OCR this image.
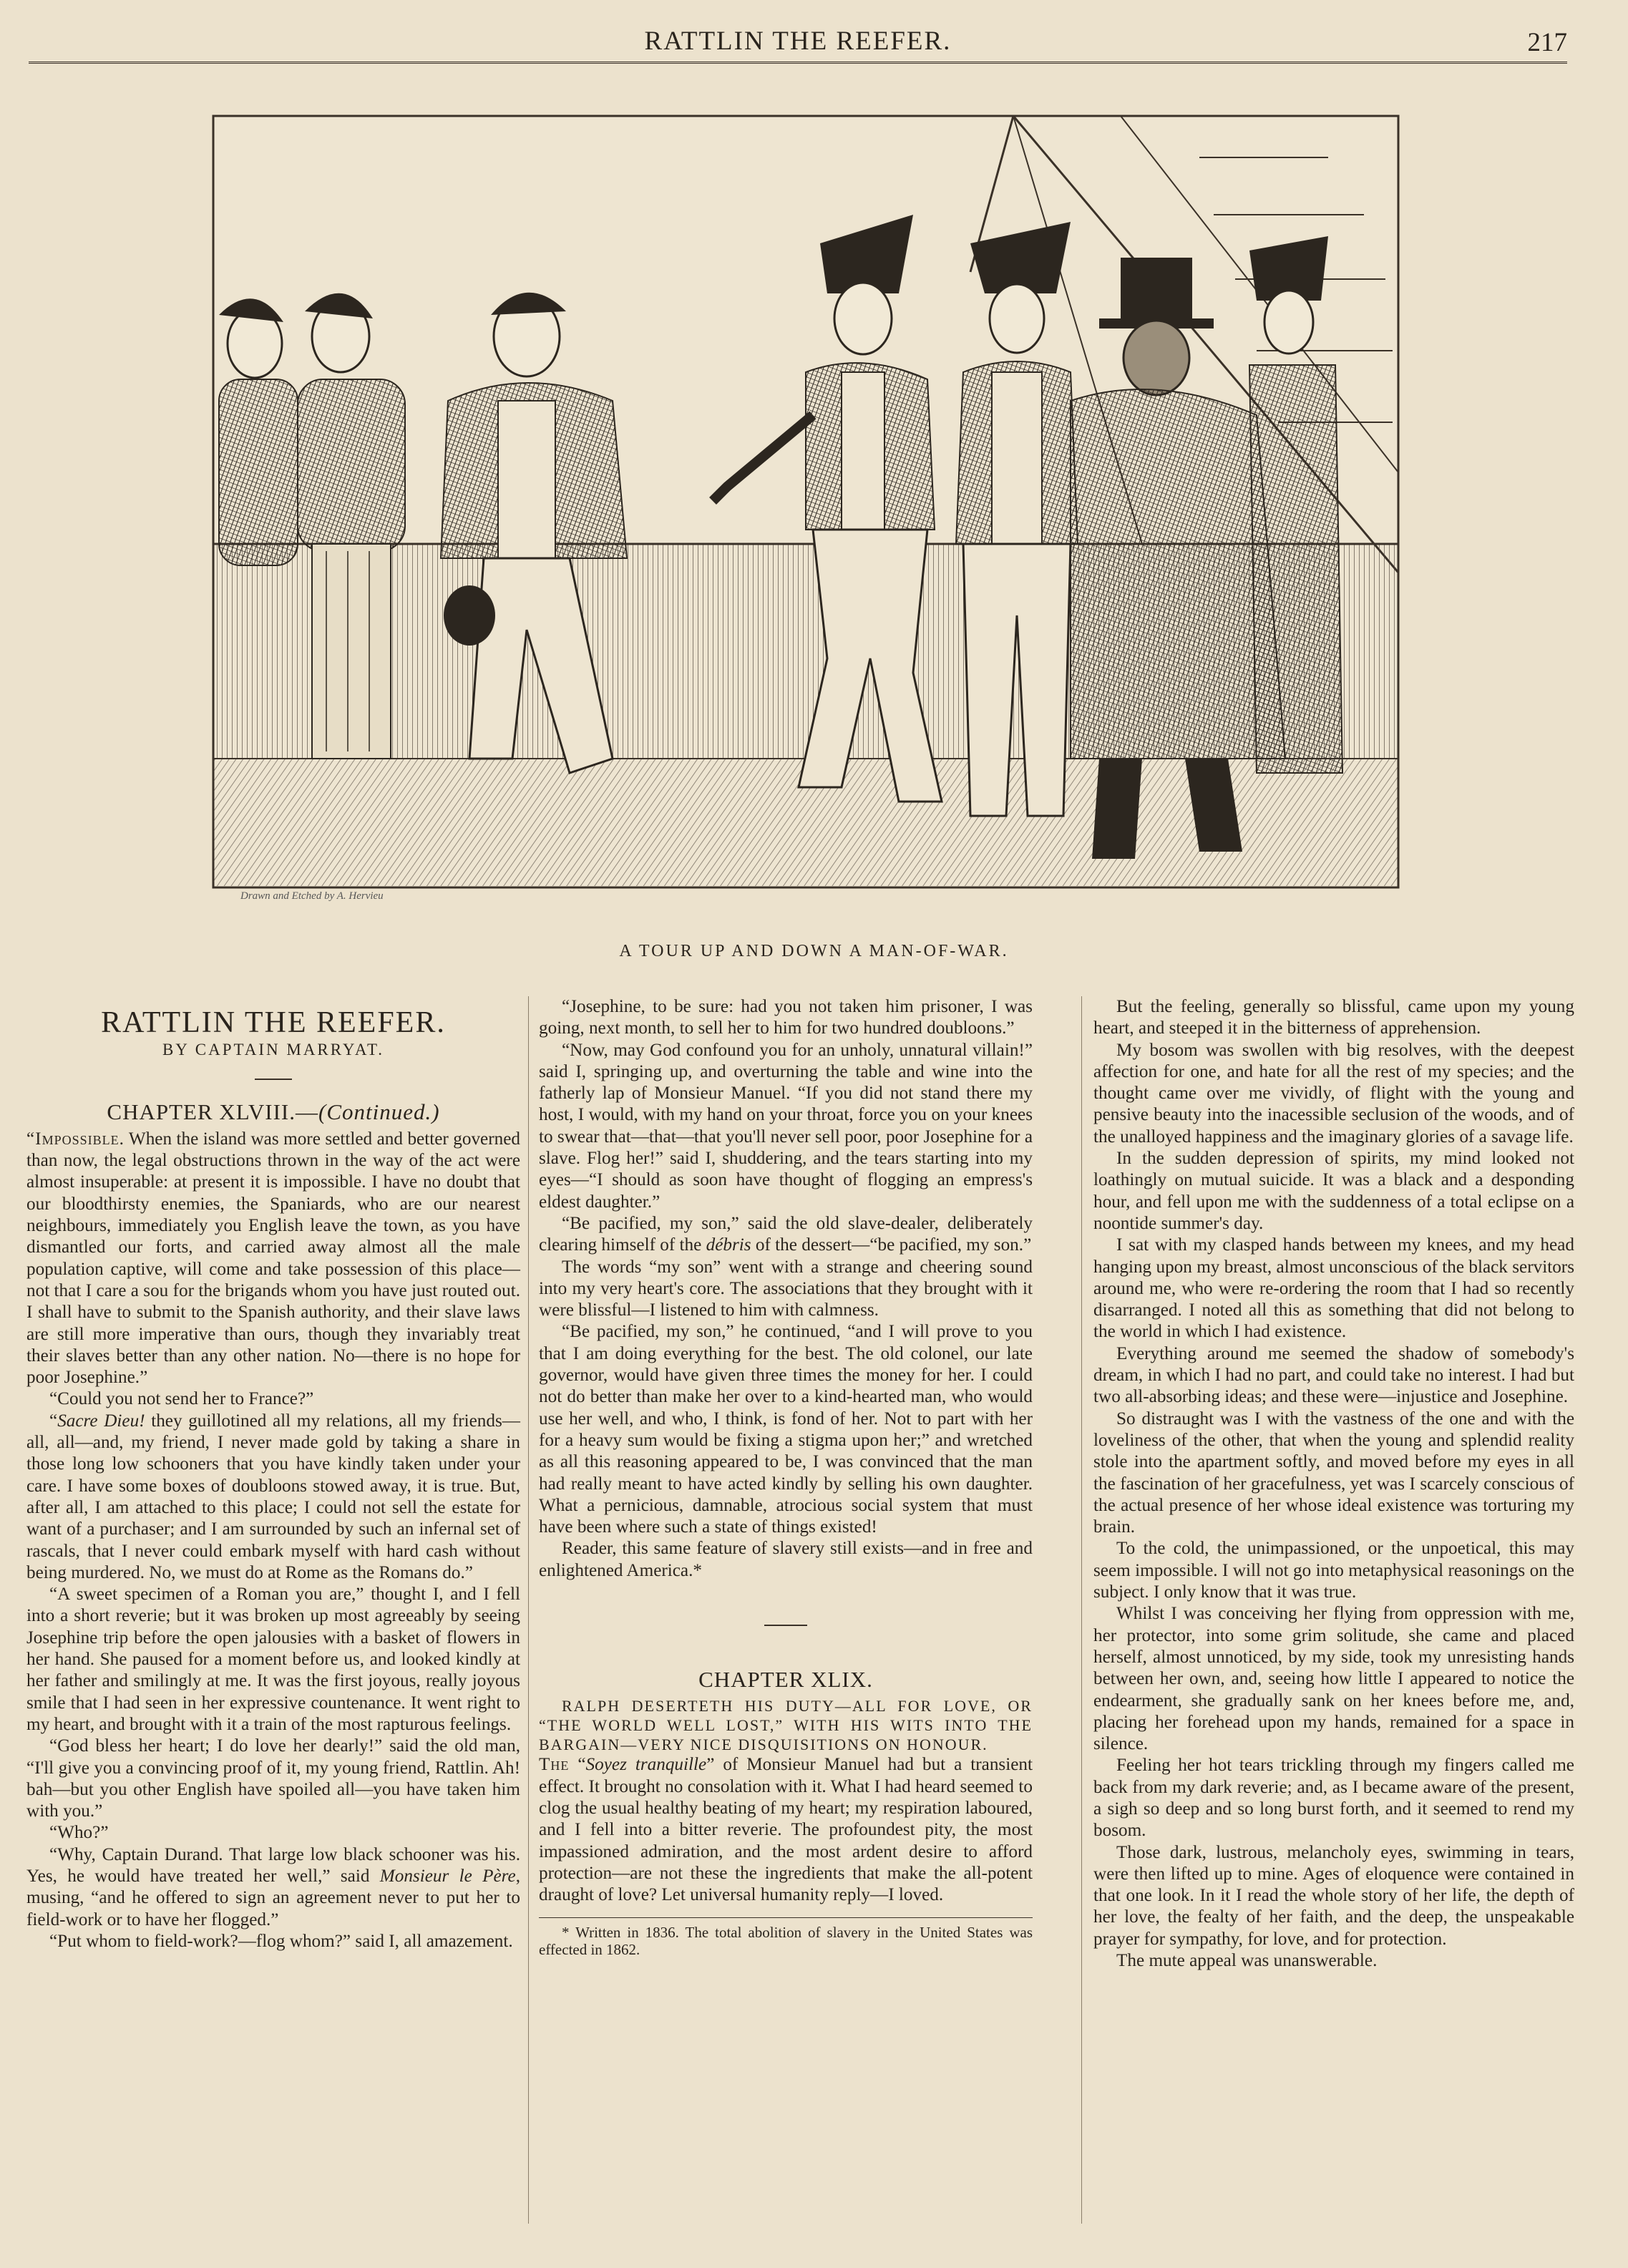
RATTLIN THE REEFER.	217
Drawn and Etched by A. Hervieu
A TOUR UP AND DOWN A MAN-OF-WAR.
RATTLIN THE REEFER.
BY CAPTAIN MARRYAT.
CHAPTER XLVIII.—(Continued.)

“Impossible. When the island was more settled and better governed than now, the legal obstructions thrown in the way of the act were almost insuperable: at present it is impossible. I have no doubt that our bloodthirsty enemies, the Spaniards, who are our nearest neighbours, immediately you English leave the town, as you have dismantled our forts, and carried away almost all the male population captive, will come and take possession of this place—not that I care a sou for the brigands whom you have just routed out. I shall have to submit to the Spanish authority, and their slave laws are still more imperative than ours, though they invariably treat their slaves better than any other nation. No—there is no hope for poor Josephine.”

“Could you not send her to France?”

“Sacre Dieu! they guillotined all my relations, all my friends—all, all—and, my friend, I never made gold by taking a share in those long low schooners that you have kindly taken under your care. I have some boxes of doubloons stowed away, it is true. But, after all, I am attached to this place; I could not sell the estate for want of a purchaser; and I am surrounded by such an infernal set of rascals, that I never could embark myself with hard cash without being murdered. No, we must do at Rome as the Romans do.”

“A sweet specimen of a Roman you are,” thought I, and I fell into a short reverie; but it was broken up most agreeably by seeing Josephine trip before the open jalousies with a basket of flowers in her hand. She paused for a moment before us, and looked kindly at her father and smilingly at me. It was the first joyous, really joyous smile that I had seen in her expressive countenance. It went right to my heart, and brought with it a train of the most rapturous feelings.

“God bless her heart; I do love her dearly!” said the old man, “I'll give you a convincing proof of it, my young friend, Rattlin. Ah! bah—but you other English have spoiled all—you have taken him with you.”

“Who?”

“Why, Captain Durand. That large low black schooner was his. Yes, he would have treated her well,” said Monsieur le Père, musing, “and he offered to sign an agreement never to put her to field-work or to have her flogged.”

“Put whom to field-work?—flog whom?” said I, all amazement.

“Josephine, to be sure: had you not taken him prisoner, I was going, next month, to sell her to him for two hundred doubloons.”

“Now, may God confound you for an unholy, unnatural villain!” said I, springing up, and overturning the table and wine into the fatherly lap of Monsieur Manuel. “If you did not stand there my host, I would, with my hand on your throat, force you on your knees to swear that—that—that you'll never sell poor, poor Josephine for a slave. Flog her!” said I, shuddering, and the tears starting into my eyes—“I should as soon have thought of flogging an empress's eldest daughter.”

“Be pacified, my son,” said the old slave-dealer, deliberately clearing himself of the débris of the dessert—“be pacified, my son.”

The words “my son” went with a strange and cheering sound into my very heart's core. The associations that they brought with it were blissful—I listened to him with calmness.

“Be pacified, my son,” he continued, “and I will prove to you that I am doing everything for the best. The old colonel, our late governor, would have given three times the money for her. I could not do better than make her over to a kind-hearted man, who would use her well, and who, I think, is fond of her. Not to part with her for a heavy sum would be fixing a stigma upon her;” and wretched as all this reasoning appeared to be, I was convinced that the man had really meant to have acted kindly by selling his own daughter. What a pernicious, damnable, atrocious social system that must have been where such a state of things existed!

Reader, this same feature of slavery still exists—and in free and enlightened America.*

CHAPTER XLIX.

RALPH DESERTETH HIS DUTY—ALL FOR LOVE, OR “THE WORLD WELL LOST,” WITH HIS WITS INTO THE BARGAIN—VERY NICE DISQUISITIONS ON HONOUR.

The “Soyez tranquille” of Monsieur Manuel had but a transient effect. It brought no consolation with it. What I had heard seemed to clog the usual healthy beating of my heart; my respiration laboured, and I fell into a bitter reverie. The profoundest pity, the most impassioned admiration, and the most ardent desire to afford protection—are not these the ingredients that make the all-potent draught of love? Let universal humanity reply—I loved.

* Written in 1836. The total abolition of slavery in the United States was effected in 1862.

But the feeling, generally so blissful, came upon my young heart, and steeped it in the bitterness of apprehension.

My bosom was swollen with big resolves, with the deepest affection for one, and hate for all the rest of my species; and the thought came over me vividly, of flight with the young and pensive beauty into the inacessible seclusion of the woods, and of the unalloyed happiness and the imaginary glories of a savage life.

In the sudden depression of spirits, my mind looked not loathingly on mutual suicide. It was a black and a desponding hour, and fell upon me with the suddenness of a total eclipse on a noontide summer's day.

I sat with my clasped hands between my knees, and my head hanging upon my breast, almost unconscious of the black servitors around me, who were re-ordering the room that I had so recently disarranged. I noted all this as something that did not belong to the world in which I had existence.

Everything around me seemed the shadow of somebody's dream, in which I had no part, and could take no interest. I had but two all-absorbing ideas; and these were—injustice and Josephine.

So distraught was I with the vastness of the one and with the loveliness of the other, that when the young and splendid reality stole into the apartment softly, and moved before my eyes in all the fascination of her gracefulness, yet was I scarcely conscious of the actual presence of her whose ideal existence was torturing my brain.

To the cold, the unimpassioned, or the unpoetical, this may seem impossible. I will not go into metaphysical reasonings on the subject. I only know that it was true.

Whilst I was conceiving her flying from oppression with me, her protector, into some grim solitude, she came and placed herself, almost unnoticed, by my side, took my unresisting hands between her own, and, seeing how little I appeared to notice the endearment, she gradually sank on her knees before me, and, placing her forehead upon my hands, remained for a space in silence.

Feeling her hot tears trickling through my fingers called me back from my dark reverie; and, as I became aware of the present, a sigh so deep and so long burst forth, and it seemed to rend my bosom.

Those dark, lustrous, melancholy eyes, swimming in tears, were then lifted up to mine. Ages of eloquence were contained in that one look. In it I read the whole story of her life, the depth of her love, the fealty of her faith, and the deep, the unspeakable prayer for sympathy, for love, and for protection.

The mute appeal was unanswerable.
